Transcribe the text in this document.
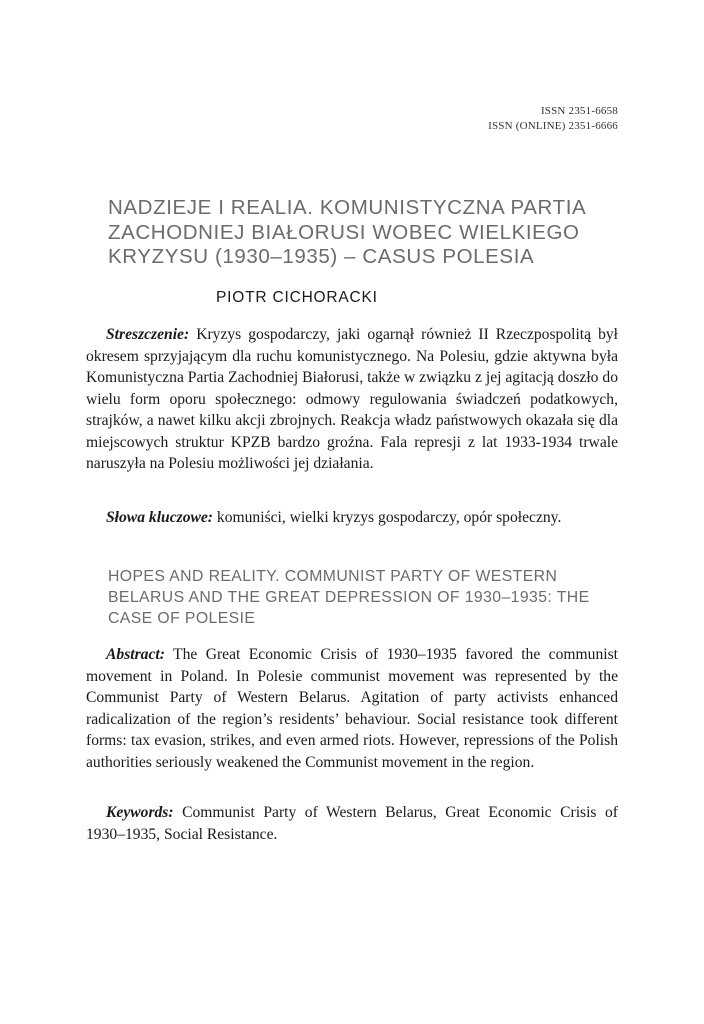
ISSN 2351-6658
ISSN (ONLINE) 2351-6666
NADZIEJE I REALIA. KOMUNISTYCZNA PARTIA ZACHODNIEJ BIAŁORUSI WOBEC WIELKIEGO KRYZYSU (1930–1935) – CASUS POLESIA
PIOTR CICHORACKI

Streszczenie: Kryzys gospodarczy, jaki ogarnął również II Rzeczpospolitą był okresem sprzyjającym dla ruchu komunistycznego. Na Polesiu, gdzie aktywna była Komunistyczna Partia Zachodniej Białorusi, także w związku z jej agitacją doszło do wielu form oporu społecznego: odmowy regulowania świadczeń podatkowych, strajków, a nawet kilku akcji zbrojnych. Reakcja władz państwowych okazała się dla miejscowych struktur KPZB bardzo groźna. Fala represji z lat 1933-1934 trwale naruszyła na Polesiu możliwości jej działania.

Słowa kluczowe: komuniści, wielki kryzys gospodarczy, opór społeczny.

HOPES AND REALITY. COMMUNIST PARTY OF WESTERN BELARUS AND THE GREAT DEPRESSION OF 1930–1935: THE CASE OF POLESIE

Abstract: The Great Economic Crisis of 1930–1935 favored the communist movement in Poland. In Polesie communist movement was represented by the Communist Party of Western Belarus. Agitation of party activists enhanced radicalization of the region’s residents’ behaviour. Social resistance took different forms: tax evasion, strikes, and even armed riots. However, repressions of the Polish authorities seriously weakened the Communist movement in the region.

Keywords: Communist Party of Western Belarus, Great Economic Crisis of 1930–1935, Social Resistance.
